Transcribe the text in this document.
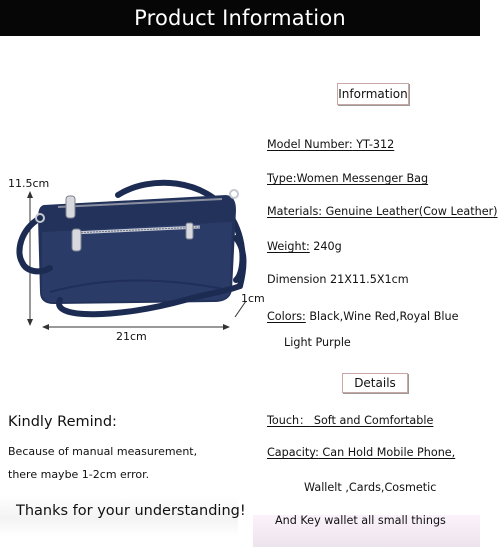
Product Information
11.5cm
21cm
1cm
Information
Model Number: YT-312
Type:Women Messenger Bag
Materials: Genuine Leather(Cow Leather)
Weight: 240g
Dimension 21X11.5X1cm
Colors: Black,Wine Red,Royal Blue
Light Purple
Details
Touch： Soft and Comfortable
Capacity: Can Hold Mobile Phone,
Wallelt ,Cards,Cosmetic
And Key wallet all small things
Kindly Remind:
Because of manual measurement,
there maybe 1-2cm error.
Thanks for your understanding!
